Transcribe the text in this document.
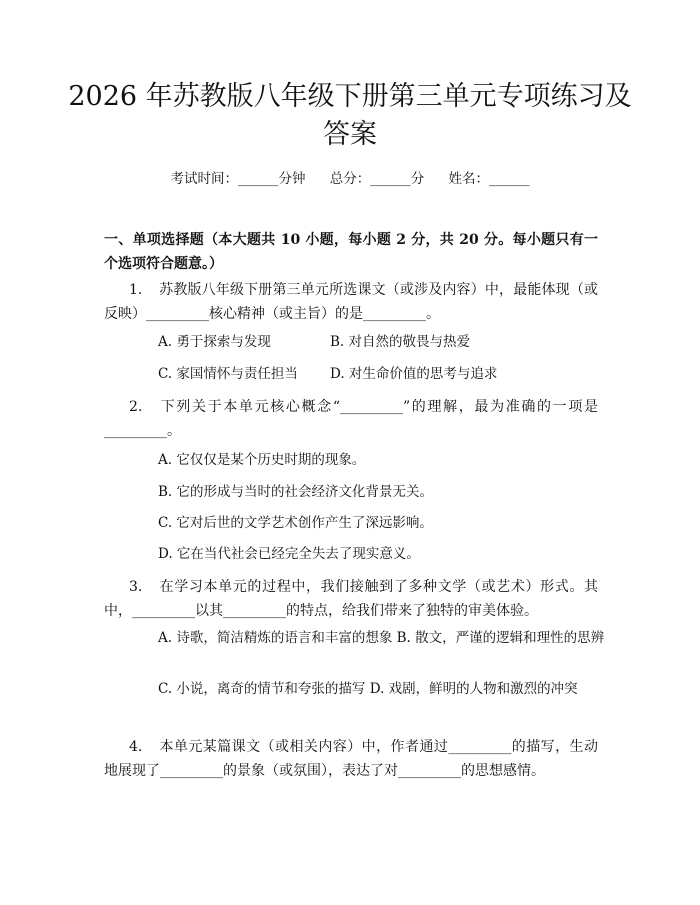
2026 年苏教版八年级下册第三单元专项练习及答案
考试时间：______分钟 总分：______分 姓名：______
一、单项选择题（本大题共 10 小题，每小题 2 分，共 20 分。每小题只有一个选项符合题意。）
1. 苏教版八年级下册第三单元所选课文（或涉及内容）中，最能体现（或反映）_________核心精神（或主旨）的是_________。
A. 勇于探索与发现	B. 对自然的敬畏与热爱
C. 家国情怀与责任担当 D. 对生命价值的思考与追求
2. 下列关于本单元核心概念“_________”的理解，最为准确的一项是_________。
A. 它仅仅是某个历史时期的现象。
B. 它的形成与当时的社会经济文化背景无关。
C. 它对后世的文学艺术创作产生了深远影响。
D. 它在当代社会已经完全失去了现实意义。
3. 在学习本单元的过程中，我们接触到了多种文学（或艺术）形式。其中，_________以其_________的特点，给我们带来了独特的审美体验。
A. 诗歌，简洁精炼的语言和丰富的想象 B. 散文，严谨的逻辑和理性的思辨
C. 小说，离奇的情节和夸张的描写 D. 戏剧，鲜明的人物和激烈的冲突
4. 本单元某篇课文（或相关内容）中，作者通过_________的描写，生动地展现了_________的景象（或氛围），表达了对_________的思想感情。
